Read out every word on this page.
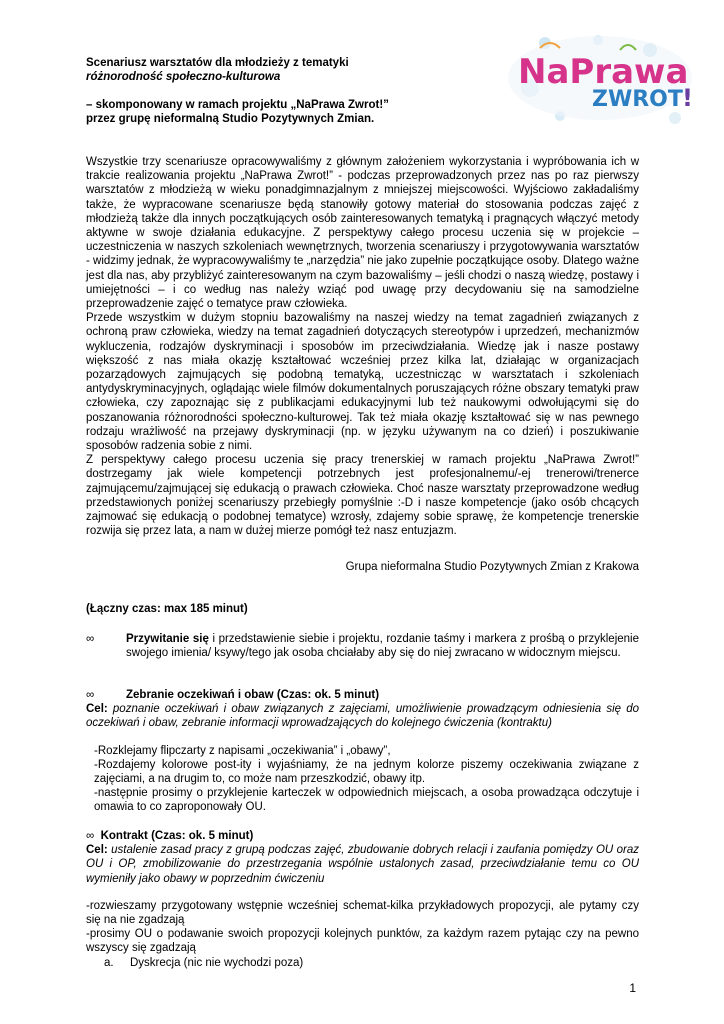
Scenariusz warsztatów dla młodzieży z tematyki
różnorodność społeczno-kulturowa
– skomponowany w ramach projektu „NaPrawa Zwrot!”
przez grupę nieformalną Studio Pozytywnych Zmian.
NaPrawa
ZWROT !

Wszystkie trzy scenariusze opracowywaliśmy z głównym założeniem wykorzystania i wypróbowania ich w trakcie realizowania projektu „NaPrawa Zwrot!” - podczas przeprowadzonych przez nas po raz pierwszy warsztatów z młodzieżą w wieku ponadgimnazjalnym z mniejszej miejscowości. Wyjściowo zakładaliśmy także, że wypracowane scenariusze będą stanowiły gotowy materiał do stosowania podczas zajęć z młodzieżą także dla innych początkujących osób zainteresowanych tematyką i pragnących włączyć metody aktywne w swoje działania edukacyjne. Z perspektywy całego procesu uczenia się w projekcie – uczestniczenia w naszych szkoleniach wewnętrznych, tworzenia scenariuszy i przygotowywania warsztatów - widzimy jednak, że wypracowywaliśmy te „narzędzia” nie jako zupełnie początkujące osoby. Dlatego ważne jest dla nas, aby przybliżyć zainteresowanym na czym bazowaliśmy – jeśli chodzi o naszą wiedzę, postawy i umiejętności – i co według nas należy wziąć pod uwagę przy decydowaniu się na samodzielne przeprowadzenie zajęć o tematyce praw człowieka.

Przede wszystkim w dużym stopniu bazowaliśmy na naszej wiedzy na temat zagadnień związanych z ochroną praw człowieka, wiedzy na temat zagadnień dotyczących stereotypów i uprzedzeń, mechanizmów wykluczenia, rodzajów dyskryminacji i sposobów im przeciwdziałania. Wiedzę jak i nasze postawy większość z nas miała okazję kształtować wcześniej przez kilka lat, działając w organizacjach pozarządowych zajmujących się podobną tematyką, uczestnicząc w warsztatach i szkoleniach antydyskryminacyjnych, oglądając wiele filmów dokumentalnych poruszających różne obszary tematyki praw człowieka, czy zapoznając się z publikacjami edukacyjnymi lub też naukowymi odwołującymi się do poszanowania różnorodności społeczno-kulturowej. Tak też miała okazję kształtować się w nas pewnego rodzaju wrażliwość na przejawy dyskryminacji (np. w języku używanym na co dzień) i poszukiwanie sposobów radzenia sobie z nimi.

Z perspektywy całego procesu uczenia się pracy trenerskiej w ramach projektu „NaPrawa Zwrot!” dostrzegamy jak wiele kompetencji potrzebnych jest profesjonalnemu/-ej trenerowi/trenerce zajmującemu/zajmującej się edukacją o prawach człowieka. Choć nasze warsztaty przeprowadzone według przedstawionych poniżej scenariuszy przebiegły pomyślnie :-D i nasze kompetencje (jako osób chcących zajmować się edukacją o podobnej tematyce) wzrosły, zdajemy sobie sprawę, że kompetencje trenerskie rozwija się przez lata, a nam w dużej mierze pomógł też nasz entuzjazm.

Grupa nieformalna Studio Pozytywnych Zmian z Krakowa
(Łączny czas: max 185 minut)
∞	Przywitanie się i przedstawienie siebie i projektu, rozdanie taśmy i markera z prośbą o przyklejenie swojego imienia/ ksywy/tego jak osoba chciałaby aby się do niej zwracano w widocznym miejscu.
∞	Zebranie oczekiwań i obaw (Czas: ok. 5 minut)
Cel: poznanie oczekiwań i obaw związanych z zajęciami, umożliwienie prowadzącym odniesienia się do oczekiwań i obaw, zebranie informacji wprowadzających do kolejnego ćwiczenia (kontraktu)
-Rozklejamy flipczarty z napisami „oczekiwania” i „obawy”,
-Rozdajemy kolorowe post-ity i wyjaśniamy, że na jednym kolorze piszemy oczekiwania związane z zajęciami, a na drugim to, co może nam przeszkodzić, obawy itp.
-następnie prosimy o przyklejenie karteczek w odpowiednich miejscach, a osoba prowadząca odczytuje i omawia to co zaproponowały OU.
∞ Kontrakt (Czas: ok. 5 minut)
Cel: ustalenie zasad pracy z grupą podczas zajęć, zbudowanie dobrych relacji i zaufania pomiędzy OU oraz OU i OP, zmobilizowanie do przestrzegania wspólnie ustalonych zasad, przeciwdziałanie temu co OU wymieniły jako obawy w poprzednim ćwiczeniu
-rozwieszamy przygotowany wstępnie wcześniej schemat-kilka przykładowych propozycji, ale pytamy czy się na nie zgadzają
-prosimy OU o podawanie swoich propozycji kolejnych punktów, za każdym razem pytając czy na pewno wszyscy się zgadzają
a.	Dyskrecja (nic nie wychodzi poza)
1
